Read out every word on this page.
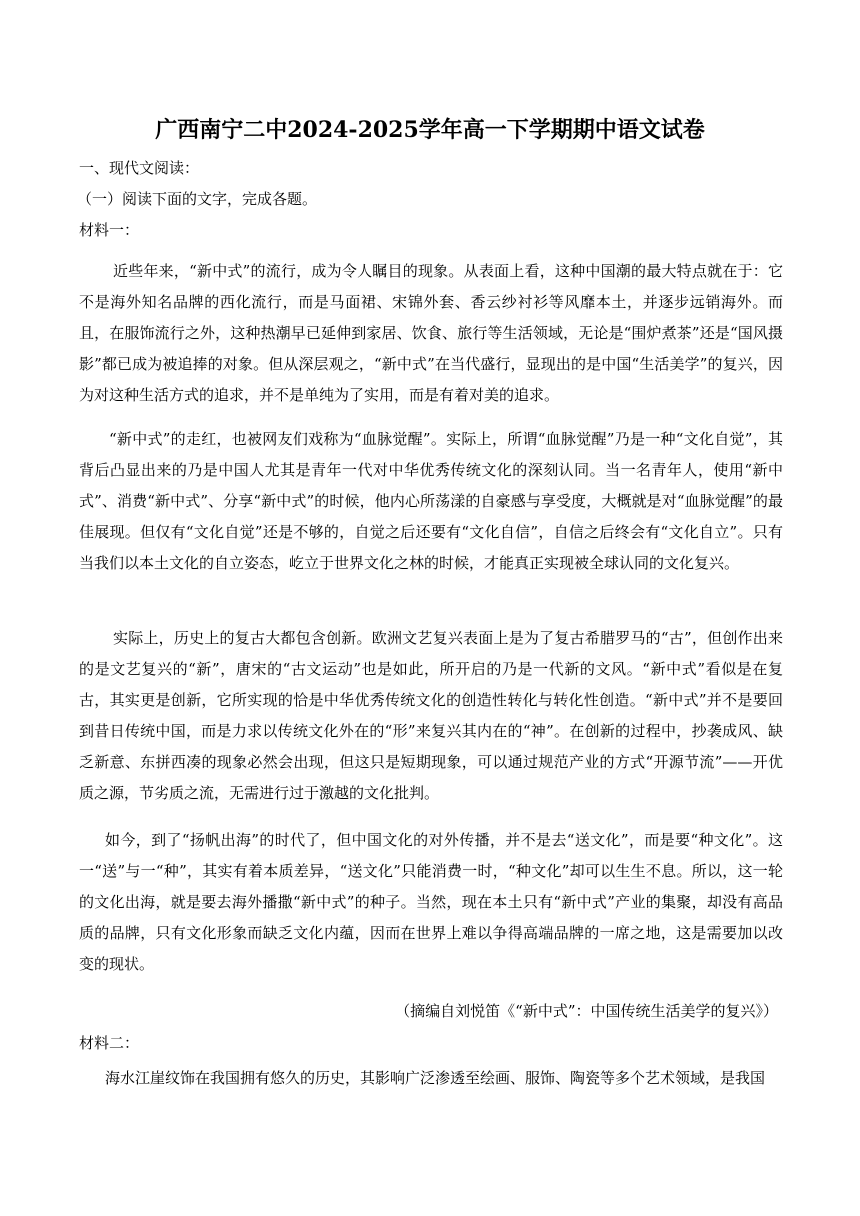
广西南宁二中2024-2025学年高一下学期期中语文试卷
一、现代文阅读：
（一）阅读下面的文字，完成各题。
材料一：
近些年来，“新中式”的流行，成为令人瞩目的现象。从表面上看，这种中国潮的最大特点就在于：它不是海外知名品牌的西化流行，而是马面裙、宋锦外套、香云纱衬衫等风靡本土，并逐步远销海外。而且，在服饰流行之外，这种热潮早已延伸到家居、饮食、旅行等生活领域，无论是“围炉煮茶”还是“国风摄影”都已成为被追捧的对象。但从深层观之，“新中式”在当代盛行，显现出的是中国“生活美学”的复兴，因为对这种生活方式的追求，并不是单纯为了实用，而是有着对美的追求。
“新中式”的走红，也被网友们戏称为“血脉觉醒”。实际上，所谓“血脉觉醒”乃是一种“文化自觉”，其背后凸显出来的乃是中国人尤其是青年一代对中华优秀传统文化的深刻认同。当一名青年人，使用“新中式”、消费“新中式”、分享“新中式”的时候，他内心所荡漾的自豪感与享受度，大概就是对“血脉觉醒”的最佳展现。但仅有“文化自觉”还是不够的，自觉之后还要有“文化自信”，自信之后终会有“文化自立”。只有当我们以本土文化的自立姿态，屹立于世界文化之林的时候，才能真正实现被全球认同的文化复兴。
实际上，历史上的复古大都包含创新。欧洲文艺复兴表面上是为了复古希腊罗马的“古”，但创作出来的是文艺复兴的“新”，唐宋的“古文运动”也是如此，所开启的乃是一代新的文风。“新中式”看似是在复古，其实更是创新，它所实现的恰是中华优秀传统文化的创造性转化与转化性创造。“新中式”并不是要回到昔日传统中国，而是力求以传统文化外在的“形”来复兴其内在的“神”。在创新的过程中，抄袭成风、缺乏新意、东拼西凑的现象必然会出现，但这只是短期现象，可以通过规范产业的方式“开源节流”——开优质之源，节劣质之流，无需进行过于激越的文化批判。
如今，到了“扬帆出海”的时代了，但中国文化的对外传播，并不是去“送文化”，而是要“种文化”。这一“送”与一“种”，其实有着本质差异，“送文化”只能消费一时，“种文化”却可以生生不息。所以，这一轮的文化出海，就是要去海外播撒“新中式”的种子。当然，现在本土只有“新中式”产业的集聚，却没有高品质的品牌，只有文化形象而缺乏文化内蕴，因而在世界上难以争得高端品牌的一席之地，这是需要加以改变的现状。
（摘编自刘悦笛《“新中式”：中国传统生活美学的复兴》）
材料二：
海水江崖纹饰在我国拥有悠久的历史，其影响广泛渗透至绘画、服饰、陶瓷等多个艺术领域，是我国
